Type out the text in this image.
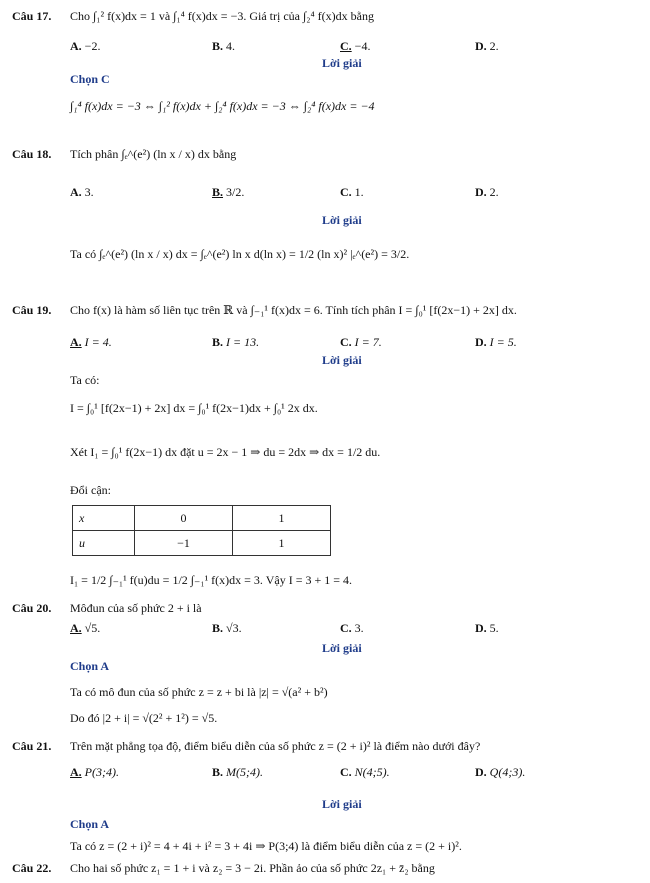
Câu 17. Cho ∫₁² f(x)dx = 1 và ∫₁⁴ f(x)dx = −3. Giá trị của ∫₂⁴ f(x)dx bằng
A. −2.	B. 4.	C. −4.	D. 2.
Lời giải
Chọn C
∫₁⁴ f(x)dx = −3 ⇔ ∫₁² f(x)dx + ∫₂⁴ f(x)dx = −3 ⇔ ∫₂⁴ f(x)dx = −4
Câu 18. Tích phân ∫ₑ^(e²) (ln x / x) dx bằng
A. 3.	B. 3/2.	C. 1.	D. 2.
Lời giải
Ta có ∫ₑ^(e²) (ln x / x) dx = ∫ₑ^(e²) ln x d(ln x) = 1/2 (ln x)² |ₑ^(e²) = 3/2.
Câu 19. Cho f(x) là hàm số liên tục trên ℝ và ∫₋₁¹ f(x)dx = 6. Tính tích phân I = ∫₀¹ [f(2x−1) + 2x] dx.
A. I = 4.	B. I = 13.	C. I = 7.	D. I = 5.
Lời giải
Ta có:
I = ∫₀¹ [f(2x−1) + 2x] dx = ∫₀¹ f(2x−1)dx + ∫₀¹ 2x dx.
Xét I₁ = ∫₀¹ f(2x−1) dx đặt u = 2x − 1 ⇒ du = 2dx ⇒ dx = 1/2 du.
Đổi cận:
x	0	1
u	−1	1
I₁ = 1/2 ∫₋₁¹ f(u)du = 1/2 ∫₋₁¹ f(x)dx = 3. Vậy I = 3 + 1 = 4.
Câu 20. Môđun của số phức 2 + i là
A. √5.	B. √3.	C. 3.	D. 5.
Lời giải
Chọn A
Ta có mô đun của số phức z = z + bi là |z| = √(a² + b²)
Do đó |2 + i| = √(2² + 1²) = √5.
Câu 21. Trên mặt phẳng tọa độ, điểm biểu diễn của số phức z = (2 + i)² là điểm nào dưới đây?
A. P(3;4).	B. M(5;4).	C. N(4;5).	D. Q(4;3).
Lời giải
Chọn A
Ta có z = (2 + i)² = 4 + 4i + i² = 3 + 4i ⇒ P(3;4) là điểm biểu diễn của z = (2 + i)².
Câu 22. Cho hai số phức z₁ = 1 + i và z₂ = 3 − 2i. Phần ảo của số phức 2z₁ + z̄₂ bằng
